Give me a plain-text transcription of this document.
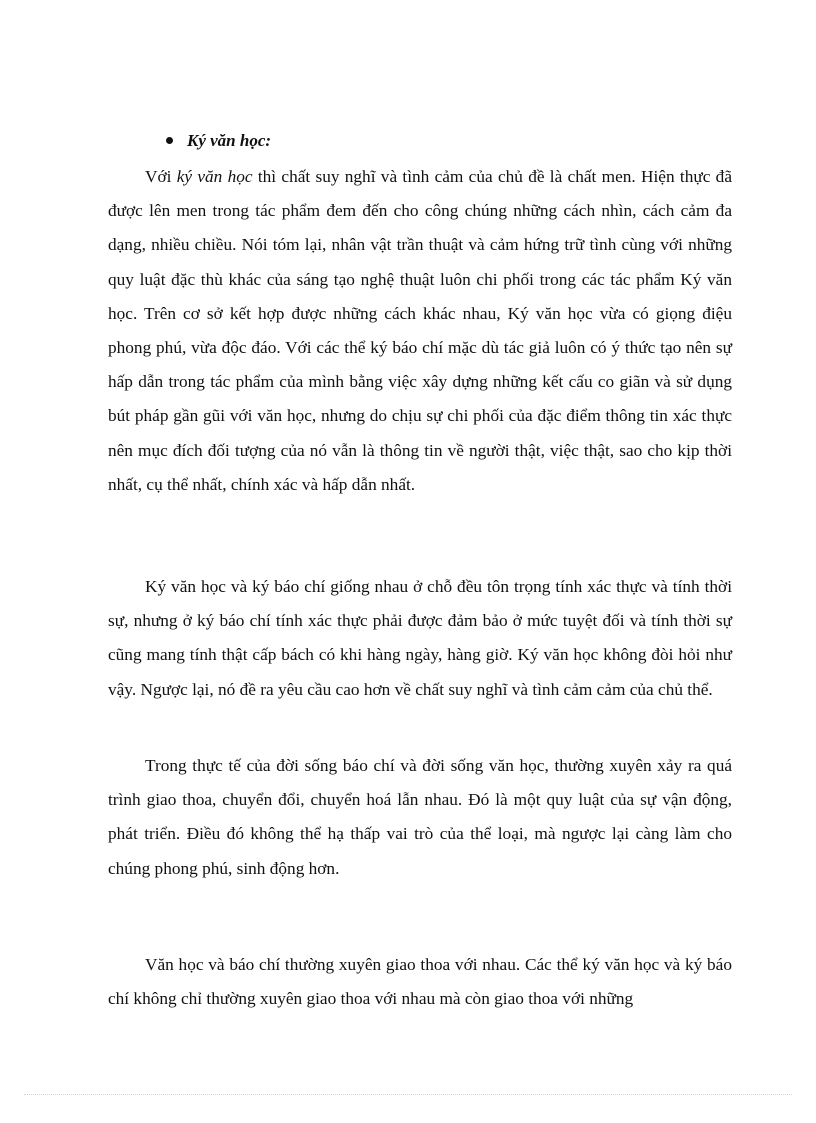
Ký văn học:

Với ký văn học thì chất suy nghĩ và tình cảm của chủ đề là chất men. Hiện thực đã được lên men trong tác phẩm đem đến cho công chúng những cách nhìn, cách cảm đa dạng, nhiều chiều. Nói tóm lại, nhân vật trần thuật và cảm hứng trữ tình cùng với những quy luật đặc thù khác của sáng tạo nghệ thuật luôn chi phối trong các tác phẩm Ký văn học. Trên cơ sở kết hợp được những cách khác nhau, Ký văn học vừa có giọng điệu phong phú, vừa độc đáo. Với các thể ký báo chí mặc dù tác giả luôn có ý thức tạo nên sự hấp dẫn trong tác phẩm của mình bằng việc xây dựng những kết cấu co giãn và sử dụng bút pháp gần gũi với văn học, nhưng do chịu sự chi phối của đặc điểm thông tin xác thực nên mục đích đối tượng của nó vẫn là thông tin về người thật, việc thật, sao cho kịp thời nhất, cụ thể nhất, chính xác và hấp dẫn nhất.

Ký văn học và ký báo chí giống nhau ở chỗ đều tôn trọng tính xác thực và tính thời sự, nhưng ở ký báo chí tính xác thực phải được đảm bảo ở mức tuyệt đối và tính thời sự cũng mang tính thật cấp bách có khi hàng ngày, hàng giờ. Ký văn học không đòi hỏi như vậy. Ngược lại, nó đề ra yêu cầu cao hơn về chất suy nghĩ và tình cảm cảm của chủ thể.

Trong thực tế của đời sống báo chí và đời sống văn học, thường xuyên xảy ra quá trình giao thoa, chuyển đổi, chuyển hoá lẫn nhau. Đó là một quy luật của sự vận động, phát triển. Điều đó không thể hạ thấp vai trò của thể loại, mà ngược lại càng làm cho chúng phong phú, sinh động hơn.

Văn học và báo chí thường xuyên giao thoa với nhau. Các thể ký văn học và ký báo chí không chỉ thường xuyên giao thoa với nhau mà còn giao thoa với những
